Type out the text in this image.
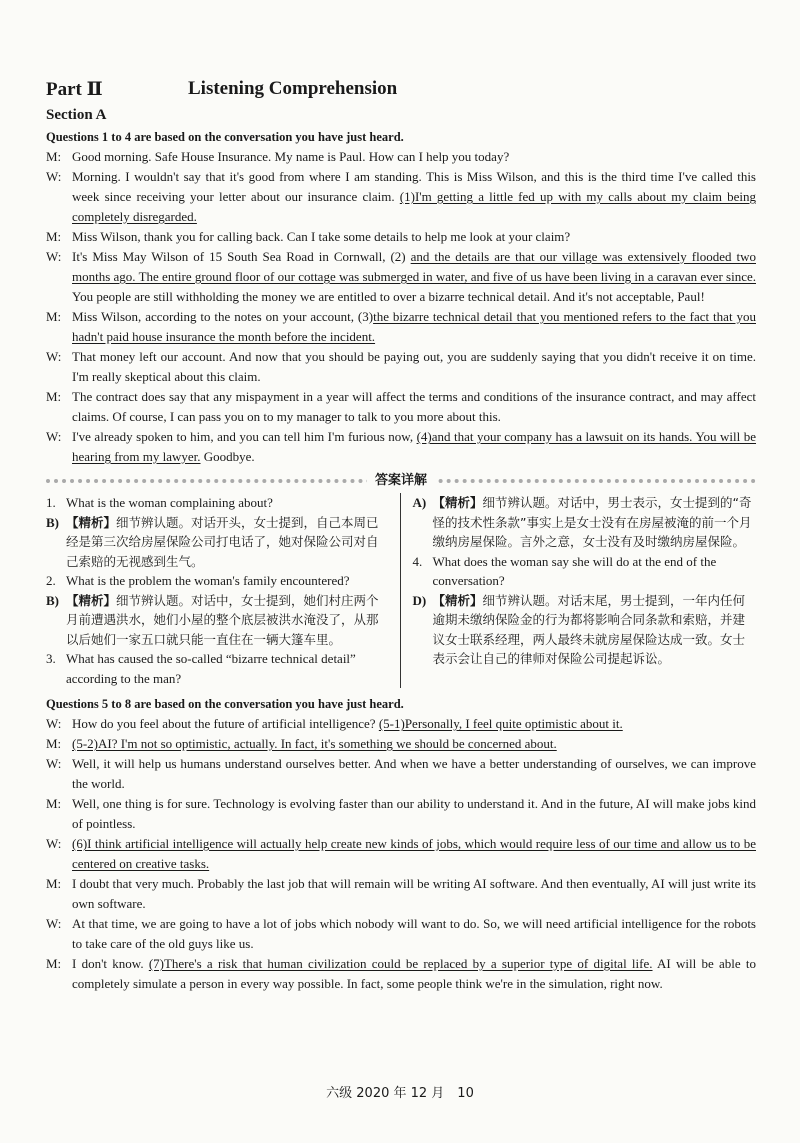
Part Ⅱ	Listening Comprehension
Section A
Questions 1 to 4 are based on the conversation you have just heard.
M: Good morning. Safe House Insurance. My name is Paul. How can I help you today?
W: Morning. I wouldn't say that it's good from where I am standing. This is Miss Wilson, and this is the third time I've called this week since receiving your letter about our insurance claim. (1)I'm getting a little fed up with my calls about my claim being completely disregarded.
M: Miss Wilson, thank you for calling back. Can I take some details to help me look at your claim?
W: It's Miss May Wilson of 15 South Sea Road in Cornwall, (2) and the details are that our village was extensively flooded two months ago. The entire ground floor of our cottage was submerged in water, and five of us have been living in a caravan ever since. You people are still withholding the money we are entitled to over a bizarre technical detail. And it's not acceptable, Paul!
M: Miss Wilson, according to the notes on your account, (3)the bizarre technical detail that you mentioned refers to the fact that you hadn't paid house insurance the month before the incident.
W: That money left our account. And now that you should be paying out, you are suddenly saying that you didn't receive it on time. I'm really skeptical about this claim.
M: The contract does say that any mispayment in a year will affect the terms and conditions of the insurance contract, and may affect claims. Of course, I can pass you on to my manager to talk to you more about this.
W: I've already spoken to him, and you can tell him I'm furious now, (4)and that your company has a lawsuit on its hands. You will be hearing from my lawyer. Goodbye.
答案详解
1. What is the woman complaining about?
B) 【精析】细节辨认题。对话开头，女士提到，自己本周已经是第三次给房屋保险公司打电话了，她对保险公司对自己索赔的无视感到生气。
2. What is the problem the woman's family encountered?
B) 【精析】细节辨认题。对话中，女士提到，她们村庄两个月前遭遇洪水，她们小屋的整个底层被洪水淹没了，从那以后她们一家五口就只能一直住在一辆大篷车里。
3. What has caused the so-called “bizarre technical detail” according to the man?
A) 【精析】细节辨认题。对话中，男士表示，女士提到的“奇怪的技术性条款”事实上是女士没有在房屋被淹的前一个月缴纳房屋保险。言外之意，女士没有及时缴纳房屋保险。
4. What does the woman say she will do at the end of the conversation?
D) 【精析】细节辨认题。对话末尾，男士提到，一年内任何逾期未缴纳保险金的行为都将影响合同条款和索赔，并建议女士联系经理，两人最终未就房屋保险达成一致。女士表示会让自己的律师对保险公司提起诉讼。
Questions 5 to 8 are based on the conversation you have just heard.
W: How do you feel about the future of artificial intelligence? (5-1)Personally, I feel quite optimistic about it.
M: (5-2)AI? I'm not so optimistic, actually. In fact, it's something we should be concerned about.
W: Well, it will help us humans understand ourselves better. And when we have a better understanding of ourselves, we can improve the world.
M: Well, one thing is for sure. Technology is evolving faster than our ability to understand it. And in the future, AI will make jobs kind of pointless.
W: (6)I think artificial intelligence will actually help create new kinds of jobs, which would require less of our time and allow us to be centered on creative tasks.
M: I doubt that very much. Probably the last job that will remain will be writing AI software. And then eventually, AI will just write its own software.
W: At that time, we are going to have a lot of jobs which nobody will want to do. So, we will need artificial intelligence for the robots to take care of the old guys like us.
M: I don't know. (7)There's a risk that human civilization could be replaced by a superior type of digital life. AI will be able to completely simulate a person in every way possible. In fact, some people think we're in the simulation, right now.
六级 2020 年 12 月　10
